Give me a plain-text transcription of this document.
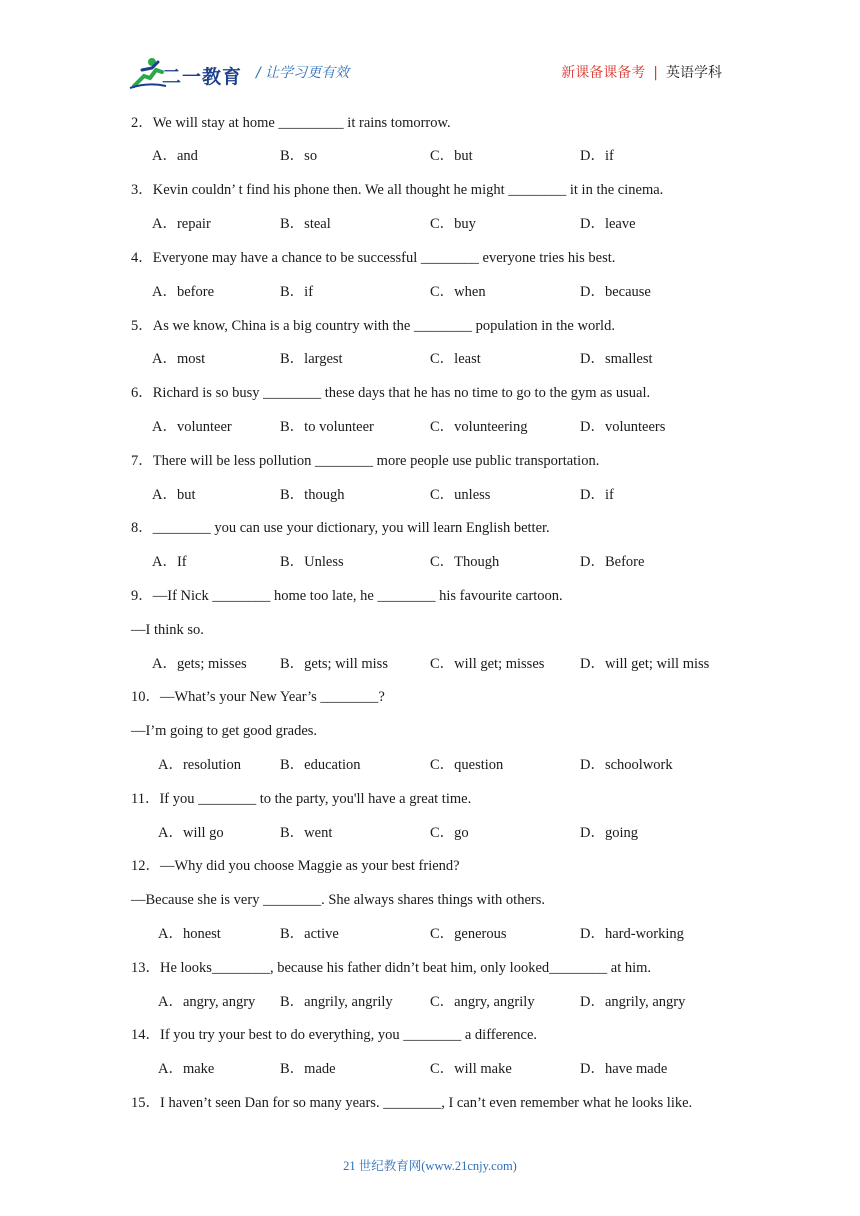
二一教育 / 让学习更有效	新课备课备考 | 英语学科
2．We will stay at home _________ it rains tomorrow.
A．and	B．so	C．but	D．if
3．Kevin couldn’ t find his phone then. We all thought he might ________ it in the cinema.
A．repair	B．steal	C．buy	D．leave
4．Everyone may have a chance to be successful ________ everyone tries his best.
A．before	B．if	C．when	D．because
5．As we know, China is a big country with the ________ population in the world.
A．most	B．largest	C．least	D．smallest
6．Richard is so busy ________ these days that he has no time to go to the gym as usual.
A．volunteer	B．to volunteer	C．volunteering	D．volunteers
7．There will be less pollution ________ more people use public transportation.
A．but	B．though	C．unless	D．if
8．________ you can use your dictionary, you will learn English better.
A．If	B．Unless	C．Though	D．Before
9．—If Nick ________ home too late, he ________ his favourite cartoon.
—I think so.
A．gets; misses B．gets; will miss	C．will get; misses D．will get; will miss
10．—What’s your New Year’s ________?
—I’m going to get good grades.
A．resolution	B．education	C．question	D．schoolwork
11．If you ________ to the party, you'll have a great time.
A．will go	B．went	C．go	D．going
12．—Why did you choose Maggie as your best friend?
—Because she is very ________. She always shares things with others.
A．honest	B．active	C．generous	D．hard-working
13．He looks________, because his father didn’t beat him, only looked________ at him.
A．angry, angry B．angrily, angrily	C．angry, angrily	D．angrily, angry
14．If you try your best to do everything, you ________ a difference.
A．make	B．made	C．will make	D．have made
15．I haven’t seen Dan for so many years. ________, I can’t even remember what he looks like.
21 世纪教育网(www.21cnjy.com)
